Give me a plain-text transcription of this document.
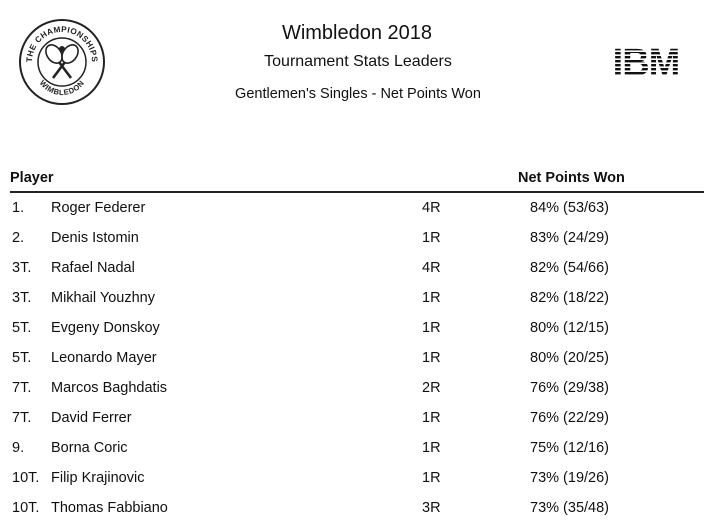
THE CHAMPIONSHIPS
WIMBLEDON
Wimbledon 2018
Tournament Stats Leaders
Gentlemen's Singles - Net Points Won
IBM
Player	Net Points Won
1. Roger Federer	4R	84% (53/63)
2. Denis Istomin	1R	83% (24/29)
3T. Rafael Nadal	4R	82% (54/66)
3T. Mikhail Youzhny	1R	82% (18/22)
5T. Evgeny Donskoy	1R	80% (12/15)
5T. Leonardo Mayer	1R	80% (20/25)
7T. Marcos Baghdatis	2R	76% (29/38)
7T. David Ferrer	1R	76% (22/29)
9. Borna Coric	1R	75% (12/16)
10T. Filip Krajinovic	1R	73% (19/26)
10T. Thomas Fabbiano	3R	73% (35/48)
